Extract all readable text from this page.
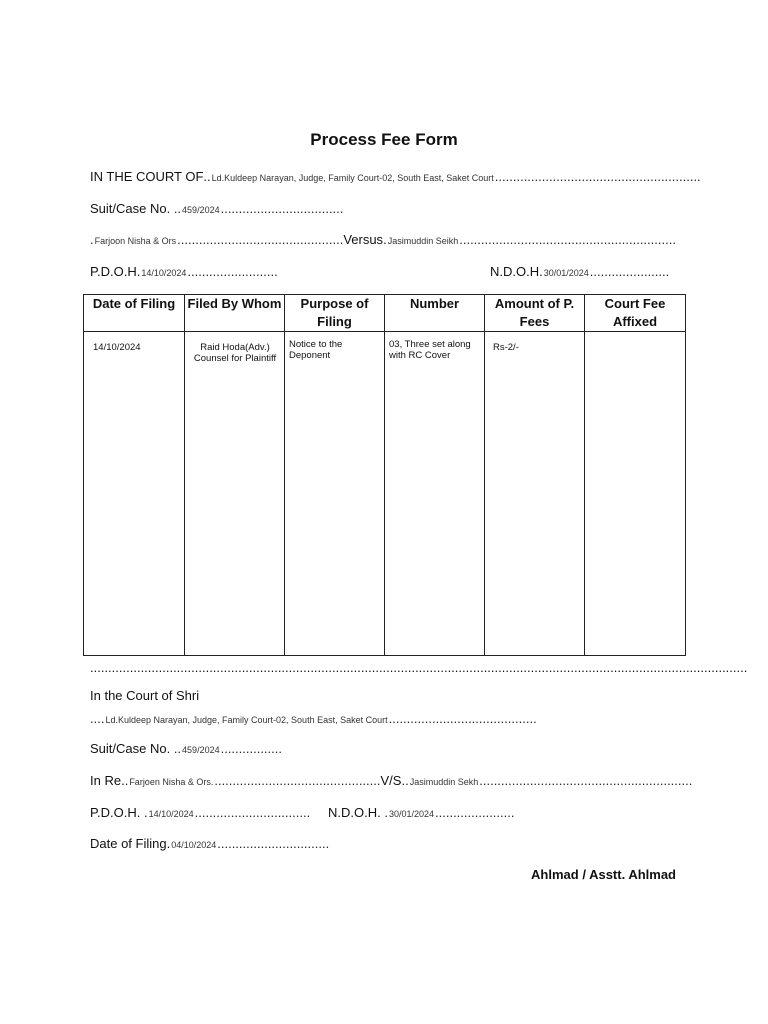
Process Fee Form
IN THE COURT OF .. Ld.Kuldeep Narayan, Judge, Family Court-02, South East, Saket Court .........................................................
Suit/Case No. .. 459/2024 ..................................
. Farjoon Nisha & Ors .............................................. Versus . Jasimuddin Seikh ............................................................
P.D.O.H. 14/10/2024 .........................	N.D.O.H. 30/01/2024 ......................
Date of Filing	Filed By Whom	Purpose of Filing	Number	Amount of P. Fees	Court Fee Affixed
14/10/2024	Raid Hoda(Adv.) Counsel for Plaintiff	Notice to the Deponent	03, Three set along with RC Cover	Rs-2/-	
......................................................................................................................................................................................
In the Court of Shri
.... Ld.Kuldeep Narayan, Judge, Family Court-02, South East, Saket Court .........................................
Suit/Case No. .. 459/2024 .................
In Re. . Farjoen Nisha & Ors. .............................................. V/S. . Jasimuddin Sekh ...........................................................
P.D.O.H. . 14/10/2024 ................................ N.D.O.H. . 30/01/2024 ......................
Date of Filing. 04/10/2024 ...............................
Ahlmad / Asstt. Ahlmad
